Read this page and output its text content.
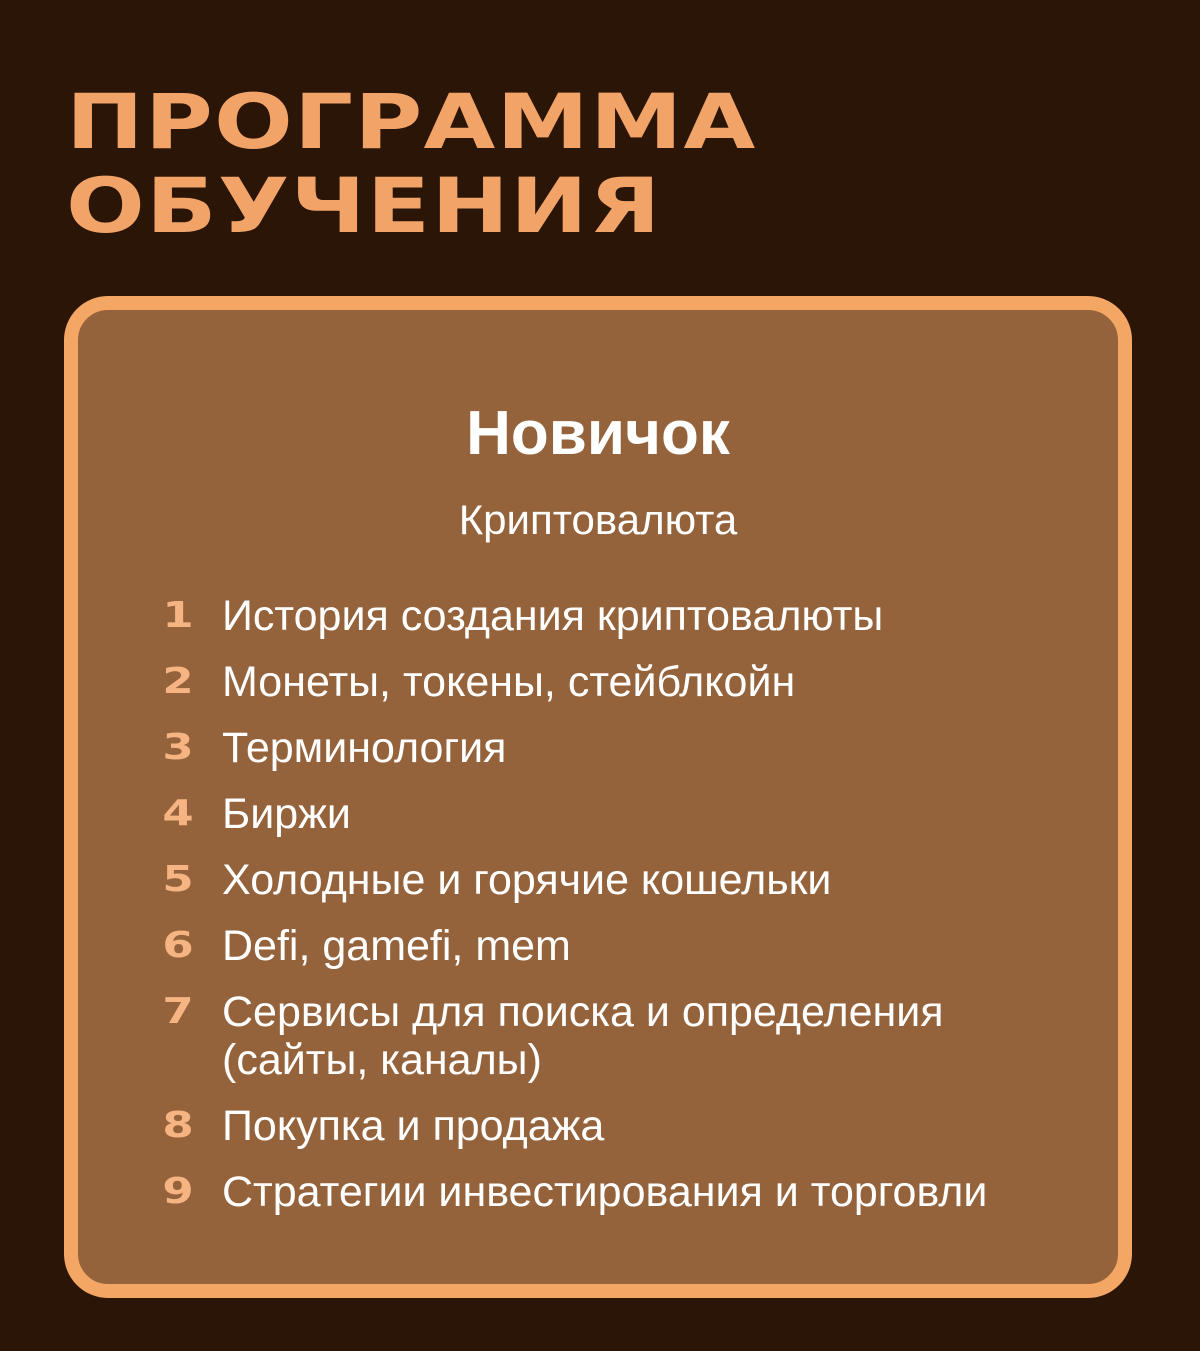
ПРОГРАММА
ОБУЧЕНИЯ
Новичок
Криптовалюта
1 История создания криптовалюты
2 Монеты, токены, стейблкойн
3 Терминология
4 Биржи
5 Холодные и горячие кошельки
6 Defi, gamefi, mem
7 Сервисы для поиска и определения (сайты, каналы)
8 Покупка и продажа
9 Стратегии инвестирования и торговли
